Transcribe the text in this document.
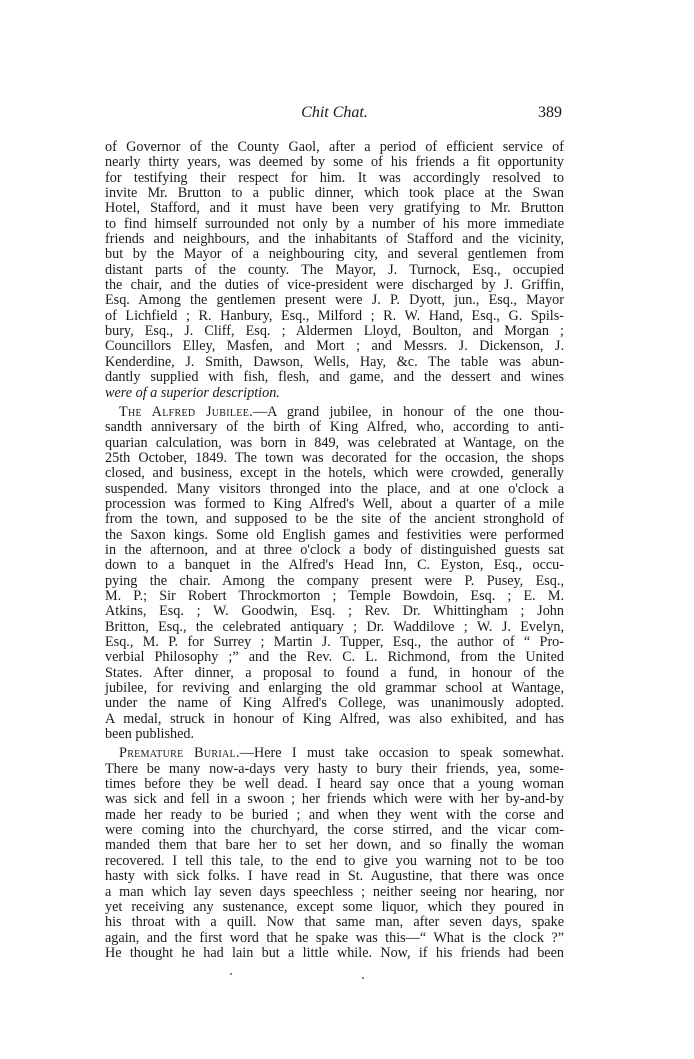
Chit Chat.	389
of Governor of the County Gaol, after a period of efficient service of
nearly thirty years, was deemed by some of his friends a fit opportunity
for testifying their respect for him. It was accordingly resolved to
invite Mr. Brutton to a public dinner, which took place at the Swan
Hotel, Stafford, and it must have been very gratifying to Mr. Brutton
to find himself surrounded not only by a number of his more immediate
friends and neighbours, and the inhabitants of Stafford and the vicinity,
but by the Mayor of a neighbouring city, and several gentlemen from
distant parts of the county. The Mayor, J. Turnock, Esq., occupied
the chair, and the duties of vice-president were discharged by J. Griffin,
Esq. Among the gentlemen present were J. P. Dyott, jun., Esq., Mayor
of Lichfield ; R. Hanbury, Esq., Milford ; R. W. Hand, Esq., G. Spils-
bury, Esq., J. Cliff, Esq. ; Aldermen Lloyd, Boulton, and Morgan ;
Councillors Elley, Masfen, and Mort ; and Messrs. J. Dickenson, J.
Kenderdine, J. Smith, Dawson, Wells, Hay, &c. The table was abun-
dantly supplied with fish, flesh, and game, and the dessert and wines
were of a superior description.
The Alfred Jubilee.—A grand jubilee, in honour of the one thou-
sandth anniversary of the birth of King Alfred, who, according to anti-
quarian calculation, was born in 849, was celebrated at Wantage, on the
25th October, 1849. The town was decorated for the occasion, the shops
closed, and business, except in the hotels, which were crowded, generally
suspended. Many visitors thronged into the place, and at one o'clock a
procession was formed to King Alfred's Well, about a quarter of a mile
from the town, and supposed to be the site of the ancient stronghold of
the Saxon kings. Some old English games and festivities were performed
in the afternoon, and at three o'clock a body of distinguished guests sat
down to a banquet in the Alfred's Head Inn, C. Eyston, Esq., occu-
pying the chair. Among the company present were P. Pusey, Esq.,
M. P.; Sir Robert Throckmorton ; Temple Bowdoin, Esq. ; E. M.
Atkins, Esq. ; W. Goodwin, Esq. ; Rev. Dr. Whittingham ; John
Britton, Esq., the celebrated antiquary ; Dr. Waddilove ; W. J. Evelyn,
Esq., M. P. for Surrey ; Martin J. Tupper, Esq., the author of “ Pro-
verbial Philosophy ;” and the Rev. C. L. Richmond, from the United
States. After dinner, a proposal to found a fund, in honour of the
jubilee, for reviving and enlarging the old grammar school at Wantage,
under the name of King Alfred's College, was unanimously adopted.
A medal, struck in honour of King Alfred, was also exhibited, and has
been published.
Premature Burial.—Here I must take occasion to speak somewhat.
There be many now-a-days very hasty to bury their friends, yea, some-
times before they be well dead. I heard say once that a young woman
was sick and fell in a swoon ; her friends which were with her by-and-by
made her ready to be buried ; and when they went with the corse and
were coming into the churchyard, the corse stirred, and the vicar com-
manded them that bare her to set her down, and so finally the woman
recovered. I tell this tale, to the end to give you warning not to be too
hasty with sick folks. I have read in St. Augustine, that there was once
a man which lay seven days speechless ; neither seeing nor hearing, nor
yet receiving any sustenance, except some liquor, which they poured in
his throat with a quill. Now that same man, after seven days, spake
again, and the first word that he spake was this—“ What is the clock ?”
He thought he had lain but a little while. Now, if his friends had been
